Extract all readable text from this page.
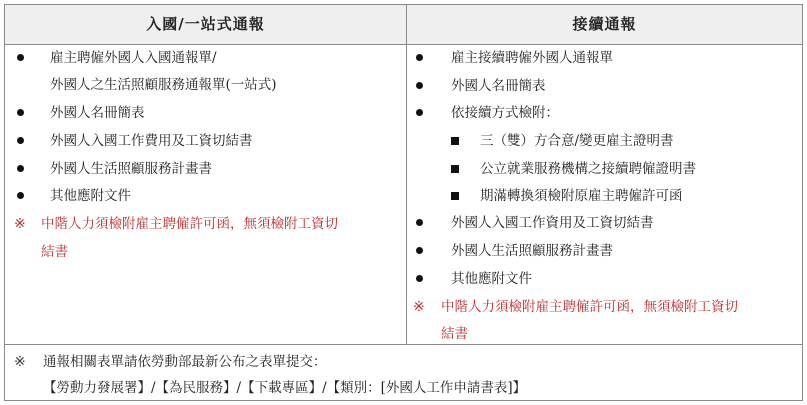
入國/一站式通報	接續通報
雇主聘僱外國人入國通報單/
外國人之生活照顧服務通報單(一站式)
外國人名冊簡表
外國人入國工作費用及工資切結書
外國人生活照顧服務計畫書
其他應附文件
※ 中階人力須檢附雇主聘僱許可函，無須檢附工資切
結書
雇主接續聘僱外國人通報單
外國人名冊簡表
依接續方式檢附：
三（雙）方合意/變更雇主證明書
公立就業服務機構之接續聘僱證明書
期滿轉換須檢附原雇主聘僱許可函
外國人入國工作資用及工資切結書
外國人生活照顧服務計畫書
其他應附文件
※ 中階人力須檢附雇主聘僱許可函，無須檢附工資切
結書
※ 通報相關表單請依勞動部最新公布之表單提交：
【勞動力發展署】/【為民服務】/【下載專區】/【類別：[外國人工作申請書表]】
